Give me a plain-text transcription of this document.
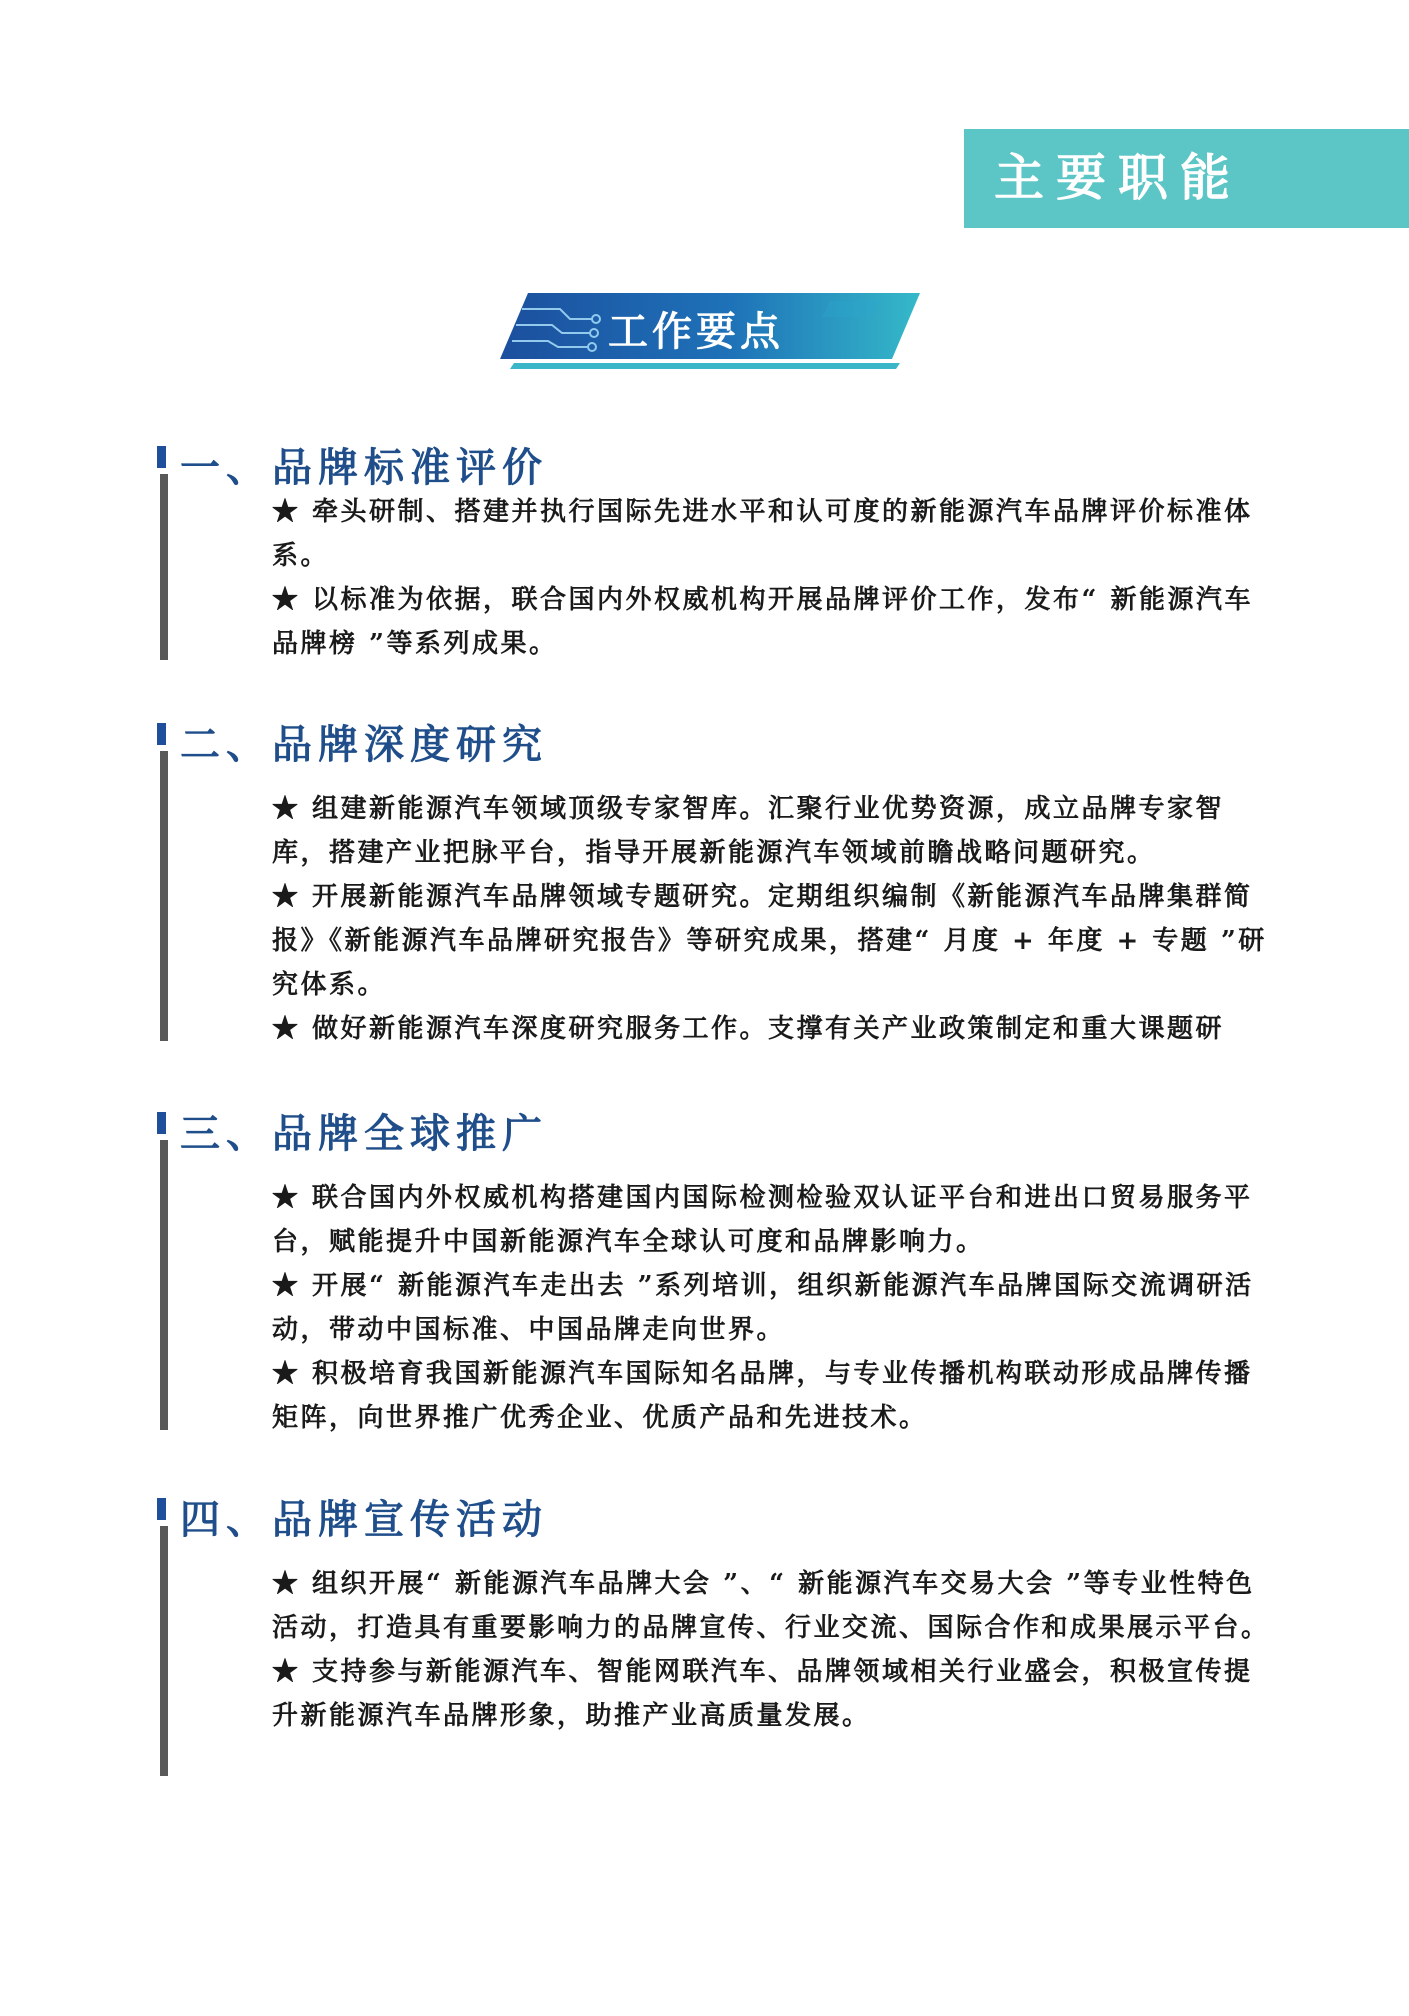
主要职能
工作要点
一、品牌标准评价

★ 牵头研制、搭建并执行国际先进水平和认可度的新能源汽车品牌评价标准体系。

★ 以标准为依据，联合国内外权威机构开展品牌评价工作，发布“ 新能源汽车品牌榜 ”等系列成果。

二、品牌深度研究

★ 组建新能源汽车领域顶级专家智库。汇聚行业优势资源，成立品牌专家智库，搭建产业把脉平台，指导开展新能源汽车领域前瞻战略问题研究。

★ 开展新能源汽车品牌领域专题研究。定期组织编制《新能源汽车品牌集群简报》《新能源汽车品牌研究报告》等研究成果，搭建“ 月度 + 年度 + 专题 ”研究体系。

★ 做好新能源汽车深度研究服务工作。支撑有关产业政策制定和重大课题研

三、品牌全球推广

★ 联合国内外权威机构搭建国内国际检测检验双认证平台和进出口贸易服务平台，赋能提升中国新能源汽车全球认可度和品牌影响力。

★ 开展“ 新能源汽车走出去 ”系列培训，组织新能源汽车品牌国际交流调研活动，带动中国标准、中国品牌走向世界。

★ 积极培育我国新能源汽车国际知名品牌，与专业传播机构联动形成品牌传播矩阵，向世界推广优秀企业、优质产品和先进技术。

四、品牌宣传活动

★ 组织开展“ 新能源汽车品牌大会 ”、“ 新能源汽车交易大会 ”等专业性特色活动，打造具有重要影响力的品牌宣传、行业交流、国际合作和成果展示平台。

★ 支持参与新能源汽车、智能网联汽车、品牌领域相关行业盛会，积极宣传提升新能源汽车品牌形象，助推产业高质量发展。
